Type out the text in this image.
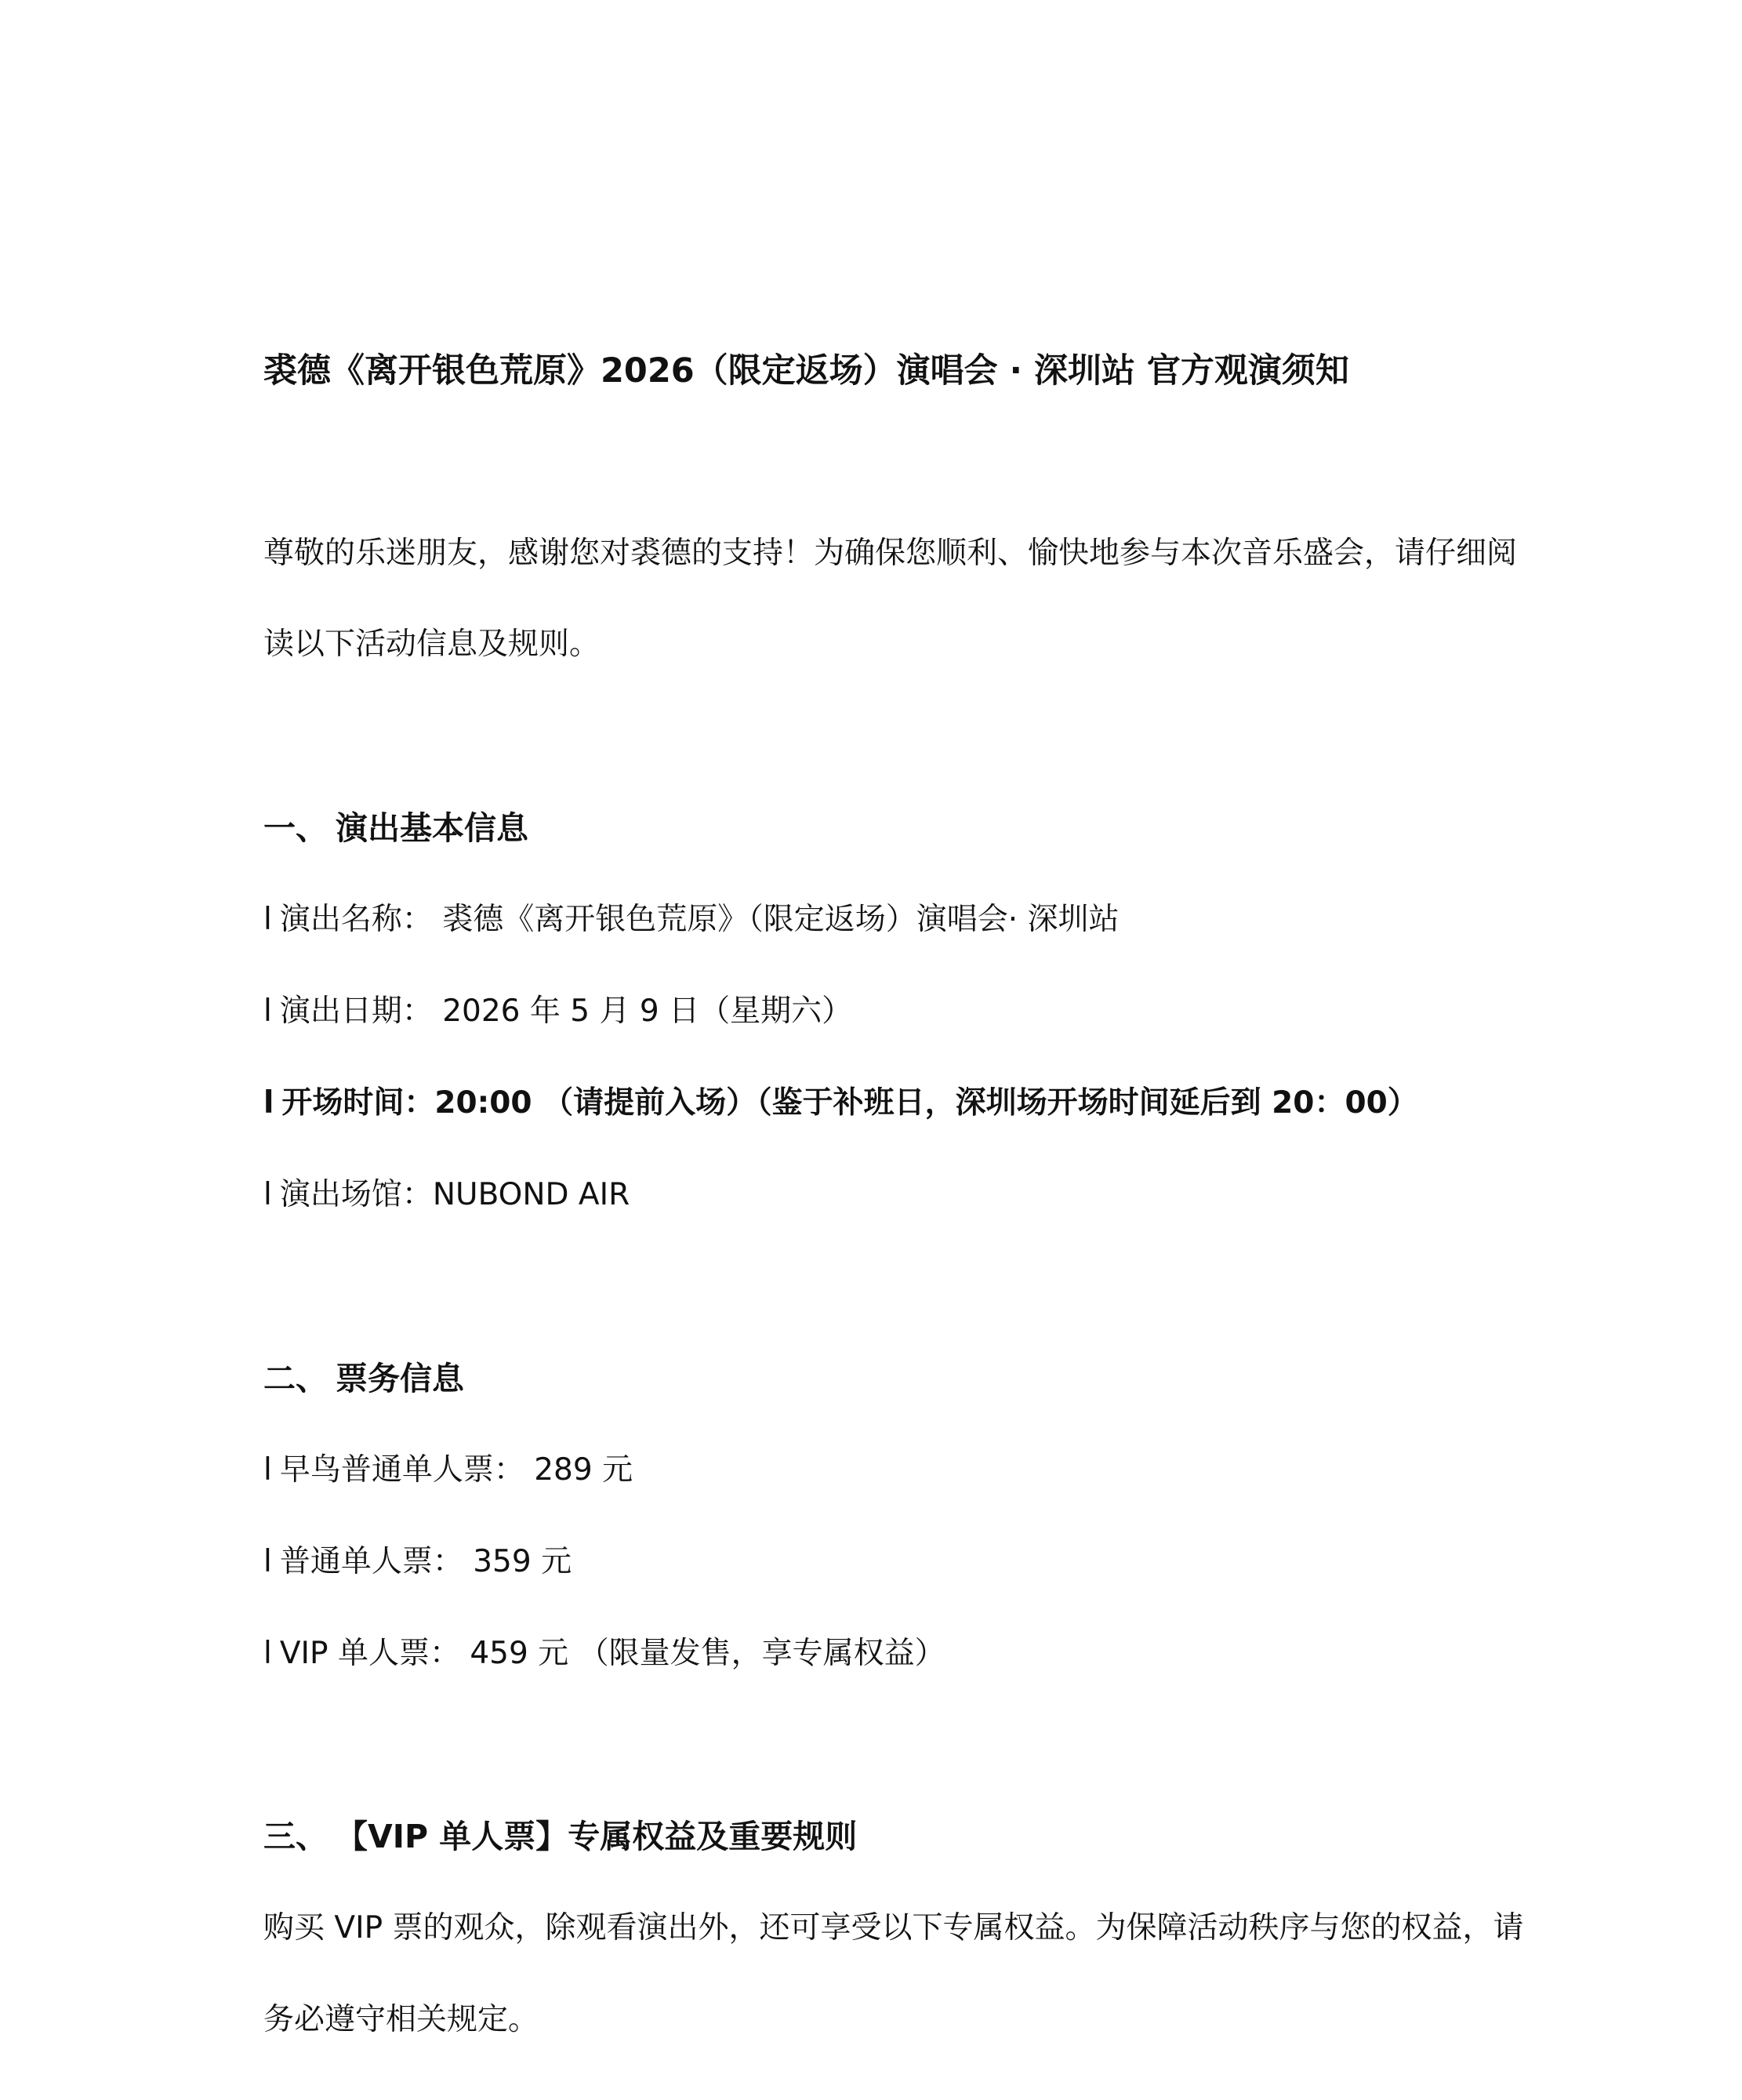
裘德《离开银色荒原》2026（限定返场）演唱会 · 深圳站 官方观演须知

尊敬的乐迷朋友，感谢您对裘德的支持！为确保您顺利、愉快地参与本次音乐盛会，请仔细阅

读以下活动信息及规则。

一、 演出基本信息

l 演出名称： 裘德《离开银色荒原》（限定返场）演唱会· 深圳站

l 演出日期： 2026 年 5 月 9 日（星期六）

l 开场时间：20:00 （请提前入场）（鉴于补班日，深圳场开场时间延后到 20：00）

l 演出场馆：NUBOND AIR

二、 票务信息

l 早鸟普通单人票： 289 元

l 普通单人票： 359 元

l VIP 单人票： 459 元 （限量发售，享专属权益）

三、 【VIP 单人票】专属权益及重要规则

购买 VIP 票的观众，除观看演出外，还可享受以下专属权益。为保障活动秩序与您的权益，请

务必遵守相关规定。
